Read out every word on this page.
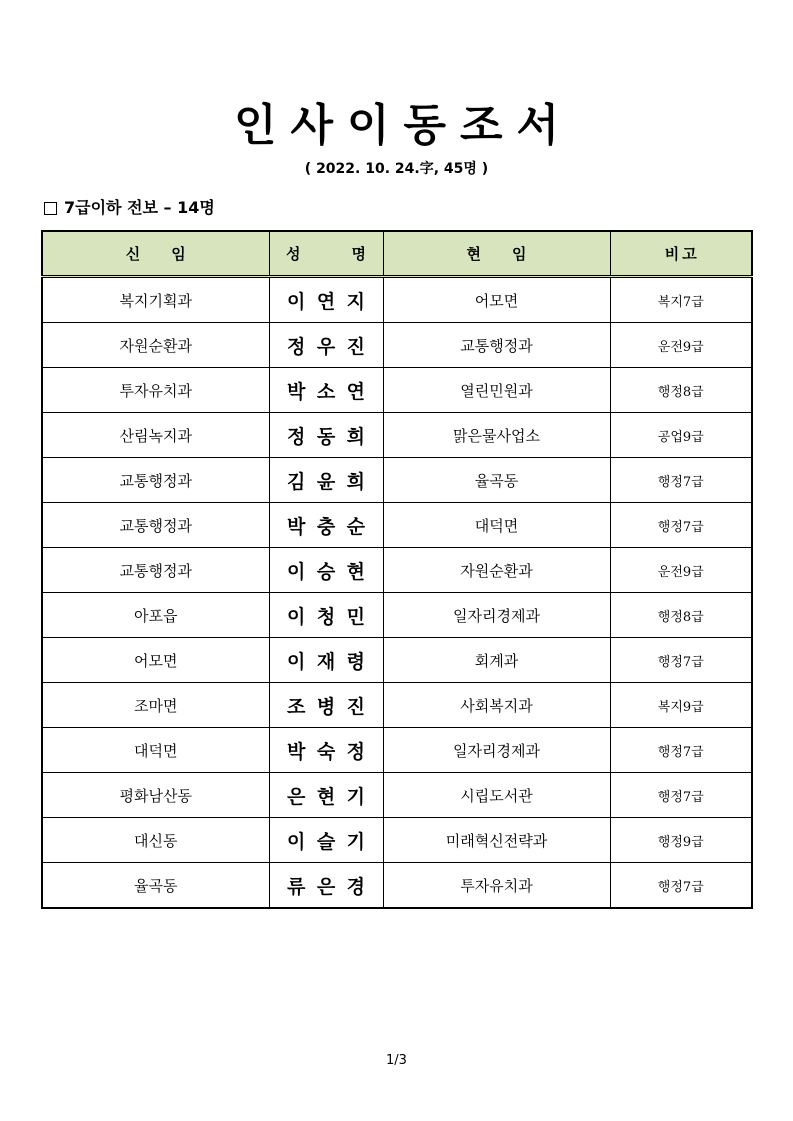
인사이동조서
( 2022. 10. 24.字, 45명 )
7급이하 전보 – 14명
신 임	성 명	현 임	비 고

복지기획과	이 연 지	어모면	복지7급
자원순환과	정 우 진	교통행정과	운전9급
투자유치과	박 소 연	열린민원과	행정8급
산림녹지과	정 동 희	맑은물사업소	공업9급
교통행정과	김 윤 희	율곡동	행정7급
교통행정과	박 충 순	대덕면	행정7급
교통행정과	이 승 현	자원순환과	운전9급
아포읍	이 청 민	일자리경제과	행정8급
어모면	이 재 령	회계과	행정7급
조마면	조 병 진	사회복지과	복지9급
대덕면	박 숙 정	일자리경제과	행정7급
평화남산동	은 현 기	시립도서관	행정7급
대신동	이 슬 기	미래혁신전략과	행정9급
율곡동	류 은 경	투자유치과	행정7급
1/3
